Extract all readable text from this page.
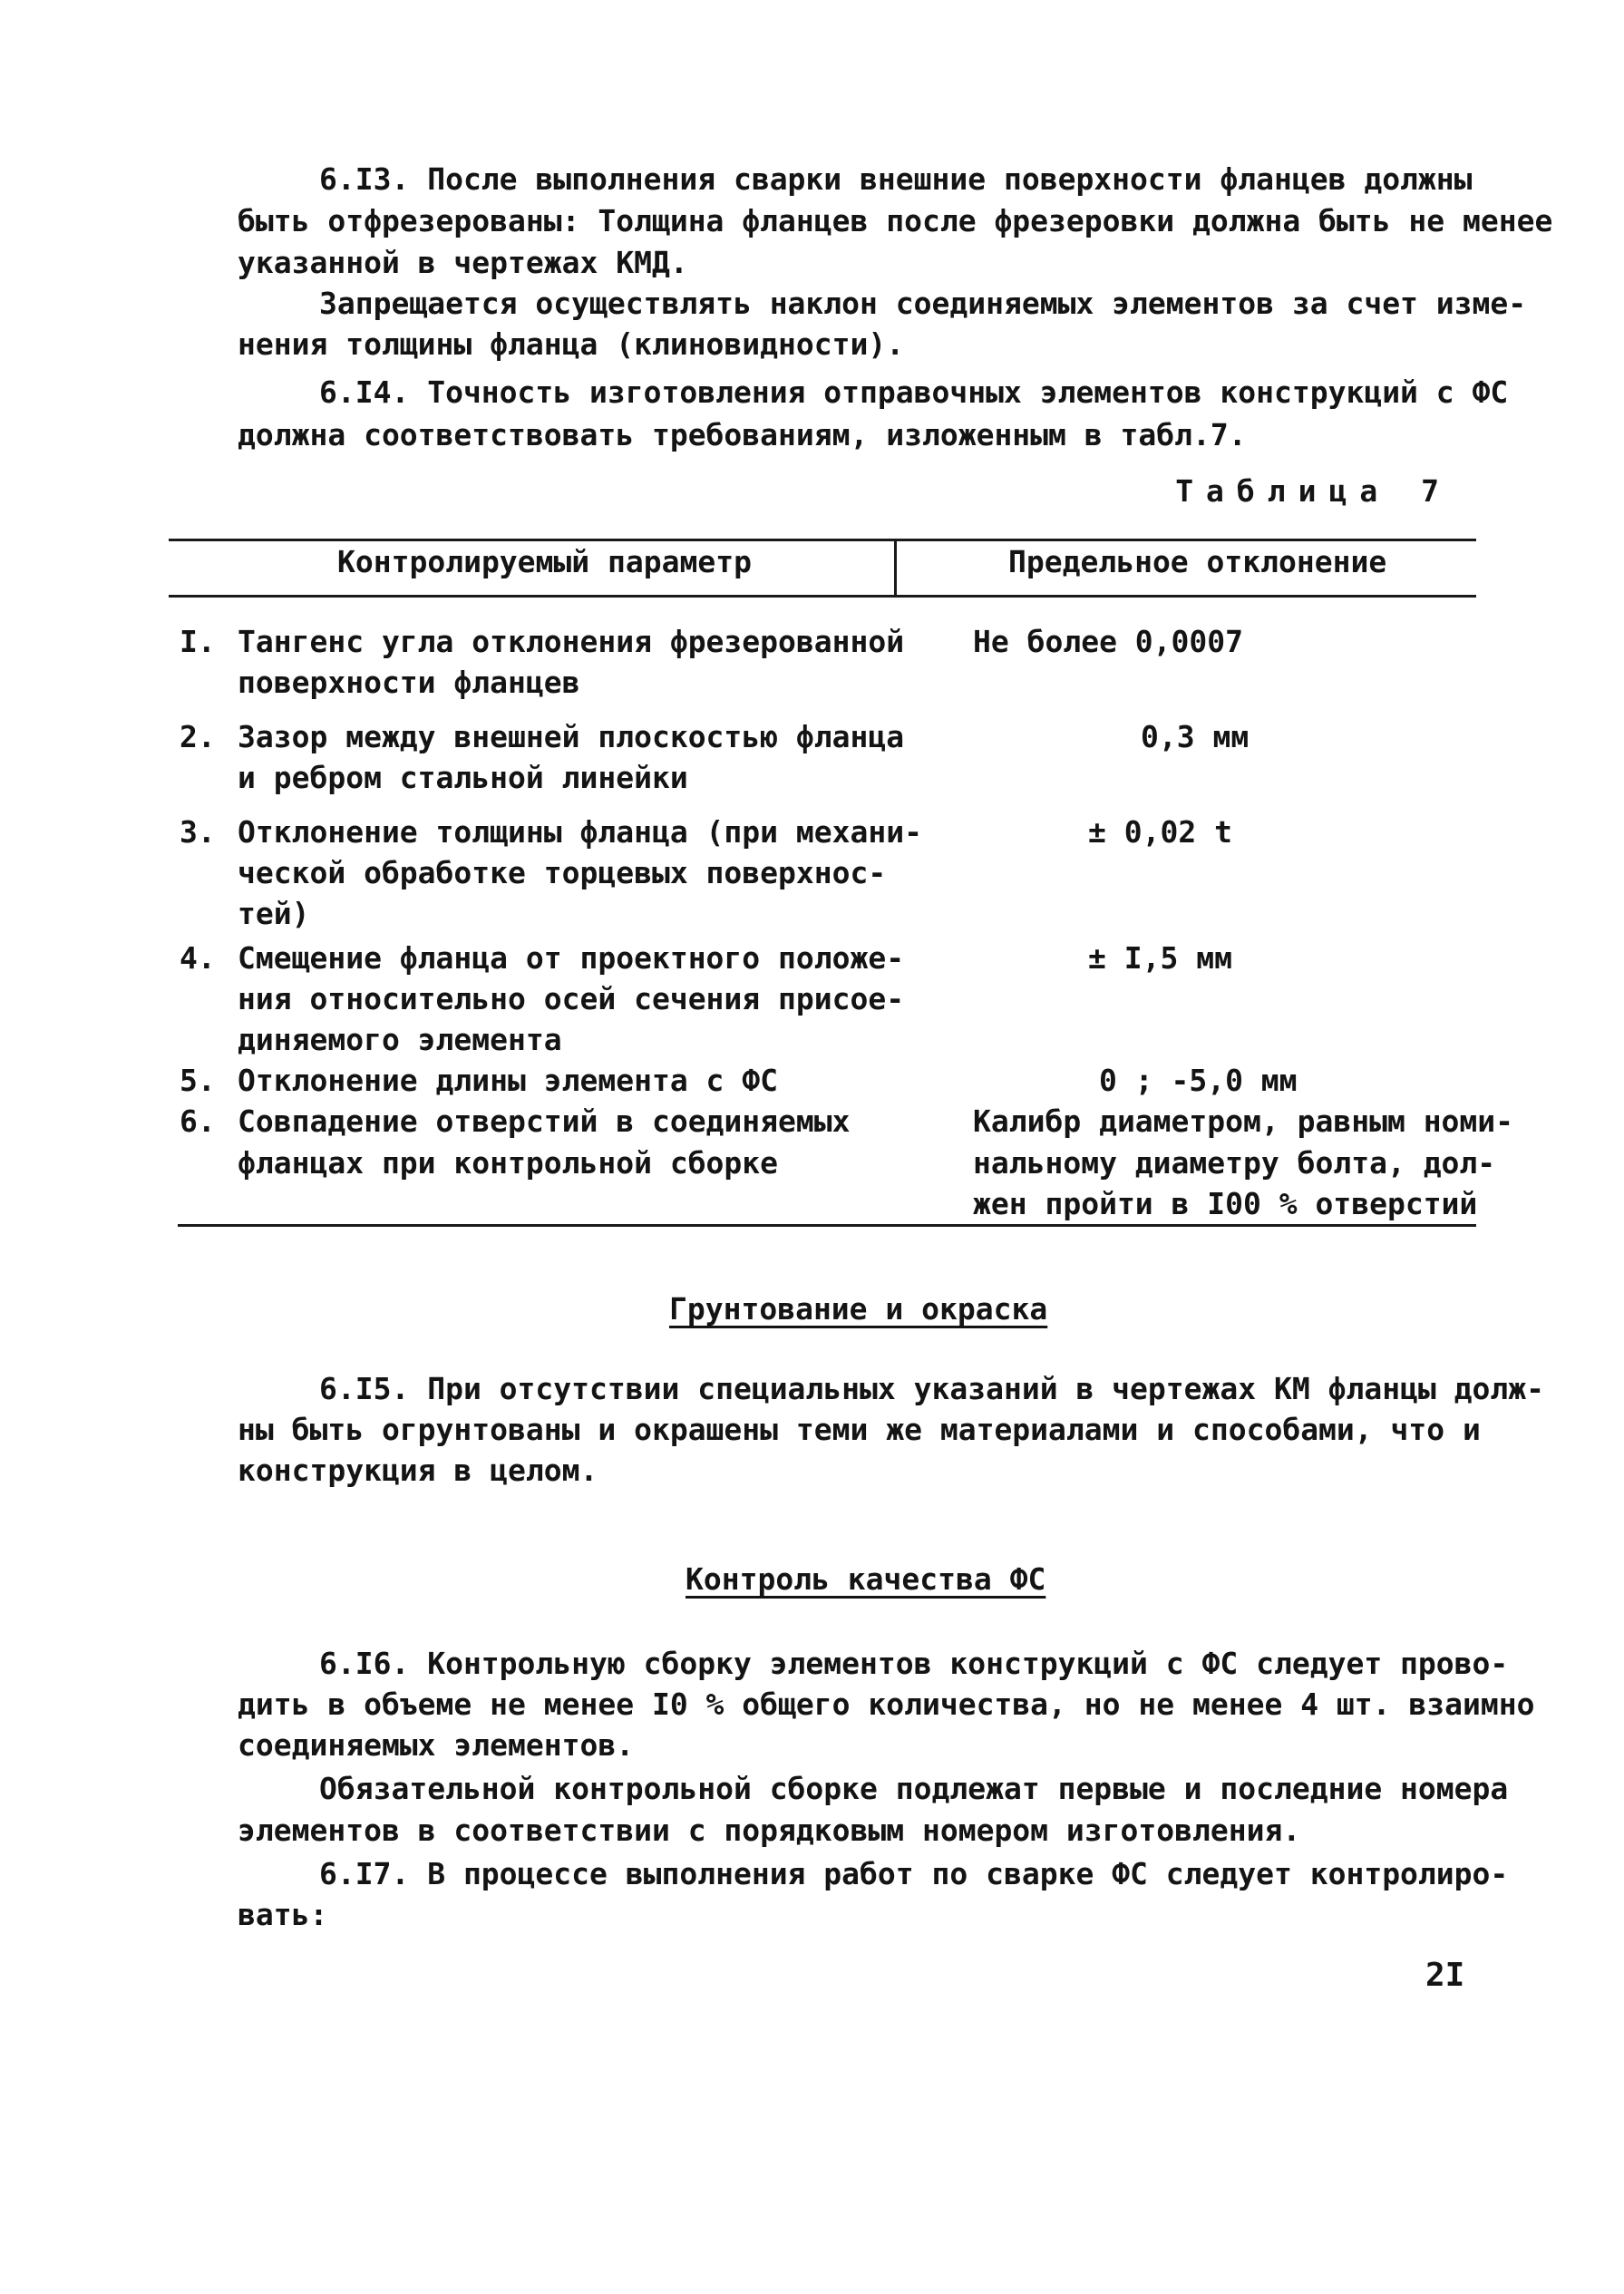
6.I3. После выполнения сварки внешние поверхности фланцев должны
быть отфрезерованы: Толщина фланцев после фрезеровки должна быть не менее
указанной в чертежах КМД.
Запрещается осуществлять наклон соединяемых элементов за счет изме-
нения толщины фланца (клиновидности).
6.I4. Точность изготовления отправочных элементов конструкций с ФС
должна соответствовать требованиям, изложенным в табл.7.
Таблица 7
Контролируемый параметр	Предельное отклонение
I. Тангенс угла отклонения фрезерованной
поверхности фланцев
Не более 0,0007
2. Зазор между внешней плоскостью фланца
и ребром стальной линейки
0,3 мм
3. Отклонение толщины фланца (при механи-
ческой обработке торцевых поверхнос-
тей)
± 0,02 t
4. Смещение фланца от проектного положе-
ния относительно осей сечения присое-
диняемого элемента
± I,5 мм
5. Отклонение длины элемента с ФС	0 ; -5,0 мм
6. Совпадение отверстий в соединяемых
фланцах при контрольной сборке
Калибр диаметром, равным номи-
нальному диаметру болта, дол-
жен пройти в I00 % отверстий
Грунтование и окраска
6.I5. При отсутствии специальных указаний в чертежах КМ фланцы долж-
ны быть огрунтованы и окрашены теми же материалами и способами, что и
конструкция в целом.
Контроль качества ФС
6.I6. Контрольную сборку элементов конструкций с ФС следует прово-
дить в объеме не менее I0 % общего количества, но не менее 4 шт. взаимно
соединяемых элементов.
Обязательной контрольной сборке подлежат первые и последние номера
элементов в соответствии с порядковым номером изготовления.
6.I7. В процессе выполнения работ по сварке ФС следует контролиро-
вать:
2I
